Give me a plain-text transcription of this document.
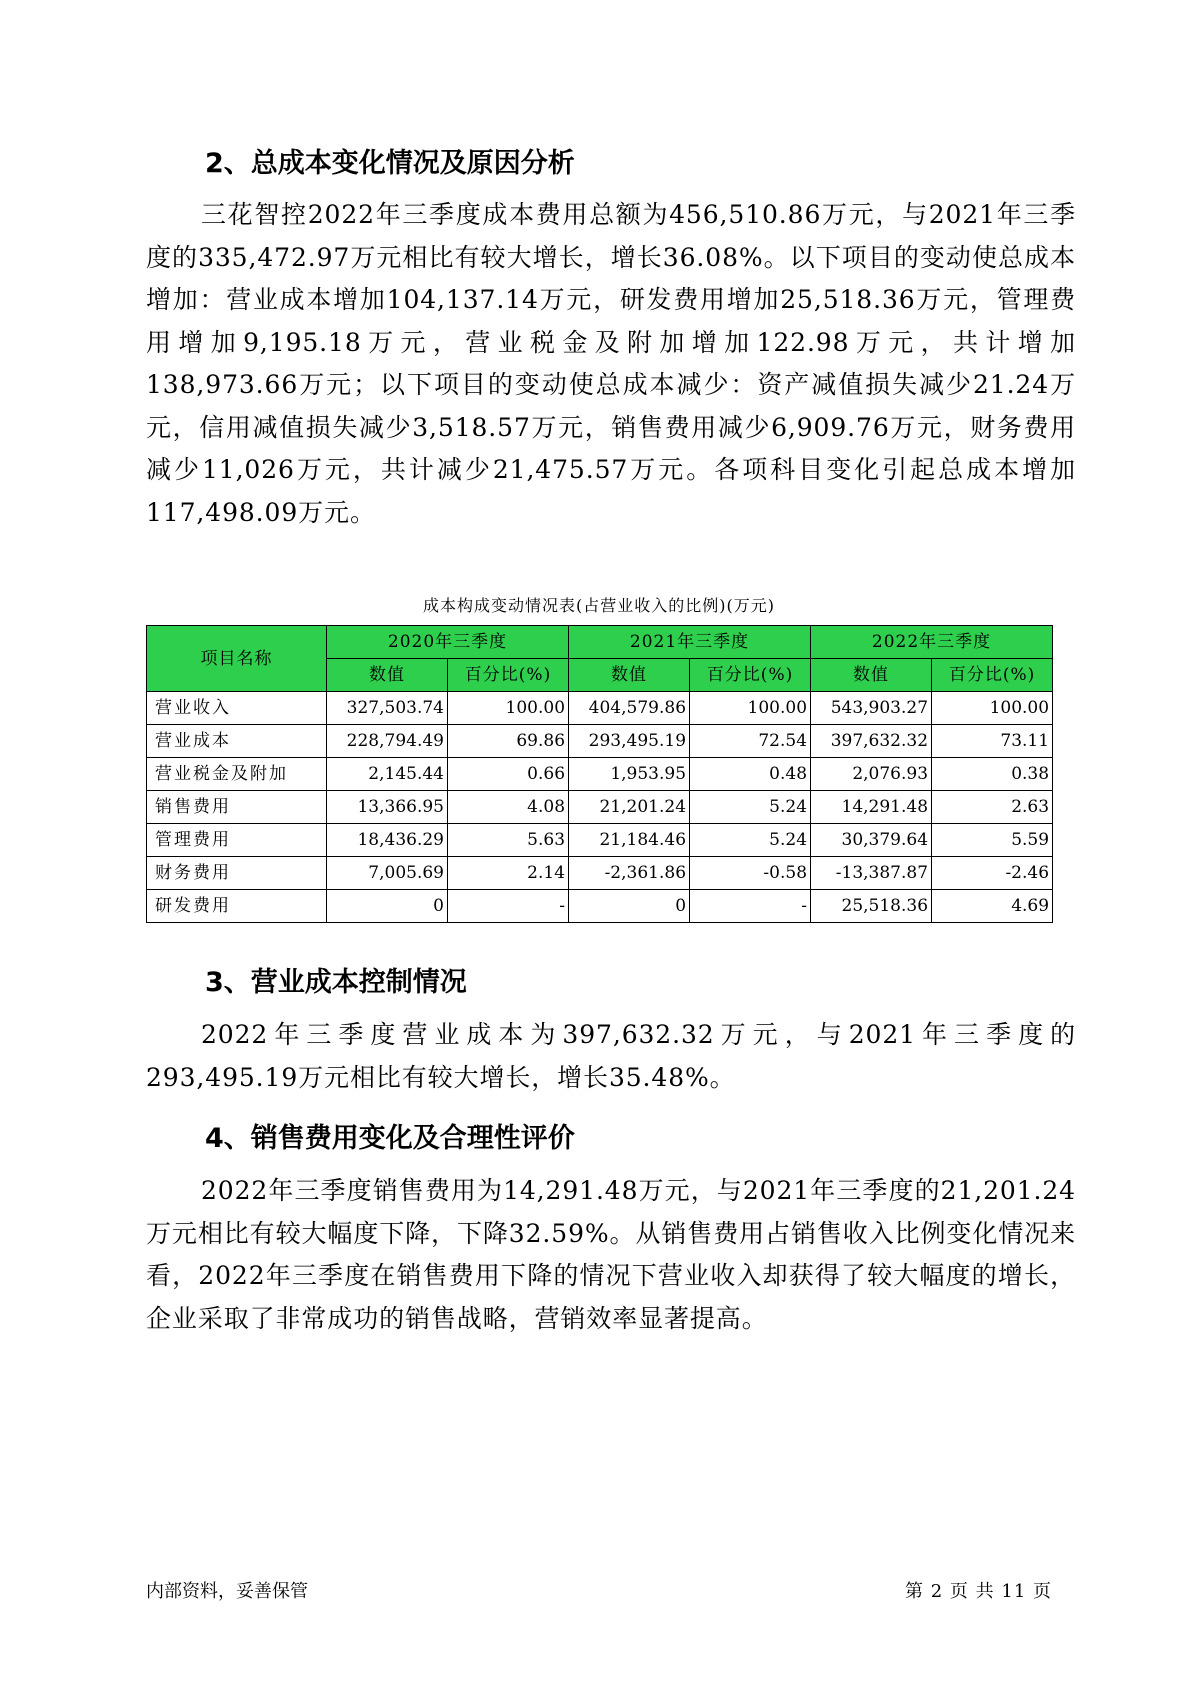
2、总成本变化情况及原因分析

三花智控2022年三季度成本费用总额为456,510.86万元，与2021年三季度的335,472.97万元相比有较大增长，增长36.08%。以下项目的变动使总成本增加：营业成本增加104,137.14万元，研发费用增加25,518.36万元，管理费用增加9,195.18万元，营业税金及附加增加122.98万元，共计增加138,973.66万元；以下项目的变动使总成本减少：资产减值损失减少21.24万元，信用减值损失减少3,518.57万元，销售费用减少6,909.76万元，财务费用减少11,026万元，共计减少21,475.57万元。各项科目变化引起总成本增加117,498.09万元。

成本构成变动情况表(占营业收入的比例)(万元)
项目名称	2020年三季度		2021年三季度		2022年三季度	
	数值	百分比(%)	数值	百分比(%)	数值	百分比(%)
营业收入	327,503.74	100.00	404,579.86	100.00	543,903.27	100.00
营业成本	228,794.49	69.86	293,495.19	72.54	397,632.32	73.11
营业税金及附加	2,145.44	0.66	1,953.95	0.48	2,076.93	0.38
销售费用	13,366.95	4.08	21,201.24	5.24	14,291.48	2.63
管理费用	18,436.29	5.63	21,184.46	5.24	30,379.64	5.59
财务费用	7,005.69	2.14	-2,361.86	-0.58	-13,387.87	-2.46
研发费用	0	-	0	-	25,518.36	4.69
3、营业成本控制情况

2022年三季度营业成本为397,632.32万元，与2021年三季度的293,495.19万元相比有较大增长，增长35.48%。

4、销售费用变化及合理性评价

2022年三季度销售费用为14,291.48万元，与2021年三季度的21,201.24万元相比有较大幅度下降，下降32.59%。从销售费用占销售收入比例变化情况来看，2022年三季度在销售费用下降的情况下营业收入却获得了较大幅度的增长，企业采取了非常成功的销售战略，营销效率显著提高。

内部资料，妥善保管	第 2 页 共 11 页
